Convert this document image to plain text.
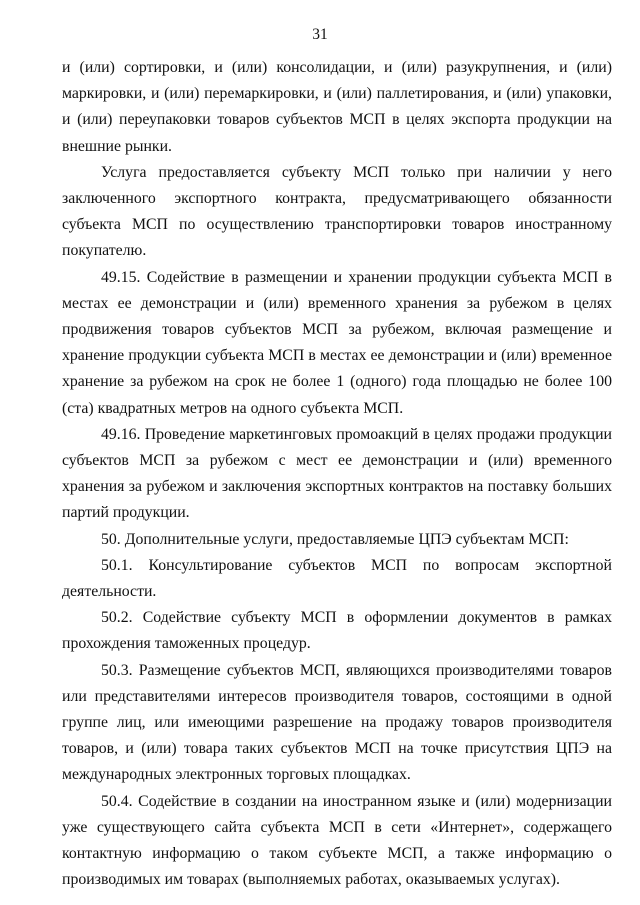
31

и (или) сортировки, и (или) консолидации, и (или) разукрупнения, и (или) маркировки, и (или) перемаркировки, и (или) паллетирования, и (или) упаковки, и (или) переупаковки товаров субъектов МСП в целях экспорта продукции на внешние рынки.

Услуга предоставляется субъекту МСП только при наличии у него заключенного экспортного контракта, предусматривающего обязанности субъекта МСП по осуществлению транспортировки товаров иностранному покупателю.

49.15. Содействие в размещении и хранении продукции субъекта МСП в местах ее демонстрации и (или) временного хранения за рубежом в целях продвижения товаров субъектов МСП за рубежом, включая размещение и хранение продукции субъекта МСП в местах ее демонстрации и (или) временное хранение за рубежом на срок не более 1 (одного) года площадью не более 100 (ста) квадратных метров на одного субъекта МСП.

49.16. Проведение маркетинговых промоакций в целях продажи продукции субъектов МСП за рубежом с мест ее демонстрации и (или) временного хранения за рубежом и заключения экспортных контрактов на поставку больших партий продукции.

50. Дополнительные услуги, предоставляемые ЦПЭ субъектам МСП:

50.1. Консультирование субъектов МСП по вопросам экспортной деятельности.

50.2. Содействие субъекту МСП в оформлении документов в рамках прохождения таможенных процедур.

50.3. Размещение субъектов МСП, являющихся производителями товаров или представителями интересов производителя товаров, состоящими в одной группе лиц, или имеющими разрешение на продажу товаров производителя товаров, и (или) товара таких субъектов МСП на точке присутствия ЦПЭ на международных электронных торговых площадках.

50.4. Содействие в создании на иностранном языке и (или) модернизации уже существующего сайта субъекта МСП в сети «Интернет», содержащего контактную информацию о таком субъекте МСП, а также информацию о производимых им товарах (выполняемых работах, оказываемых услугах).
